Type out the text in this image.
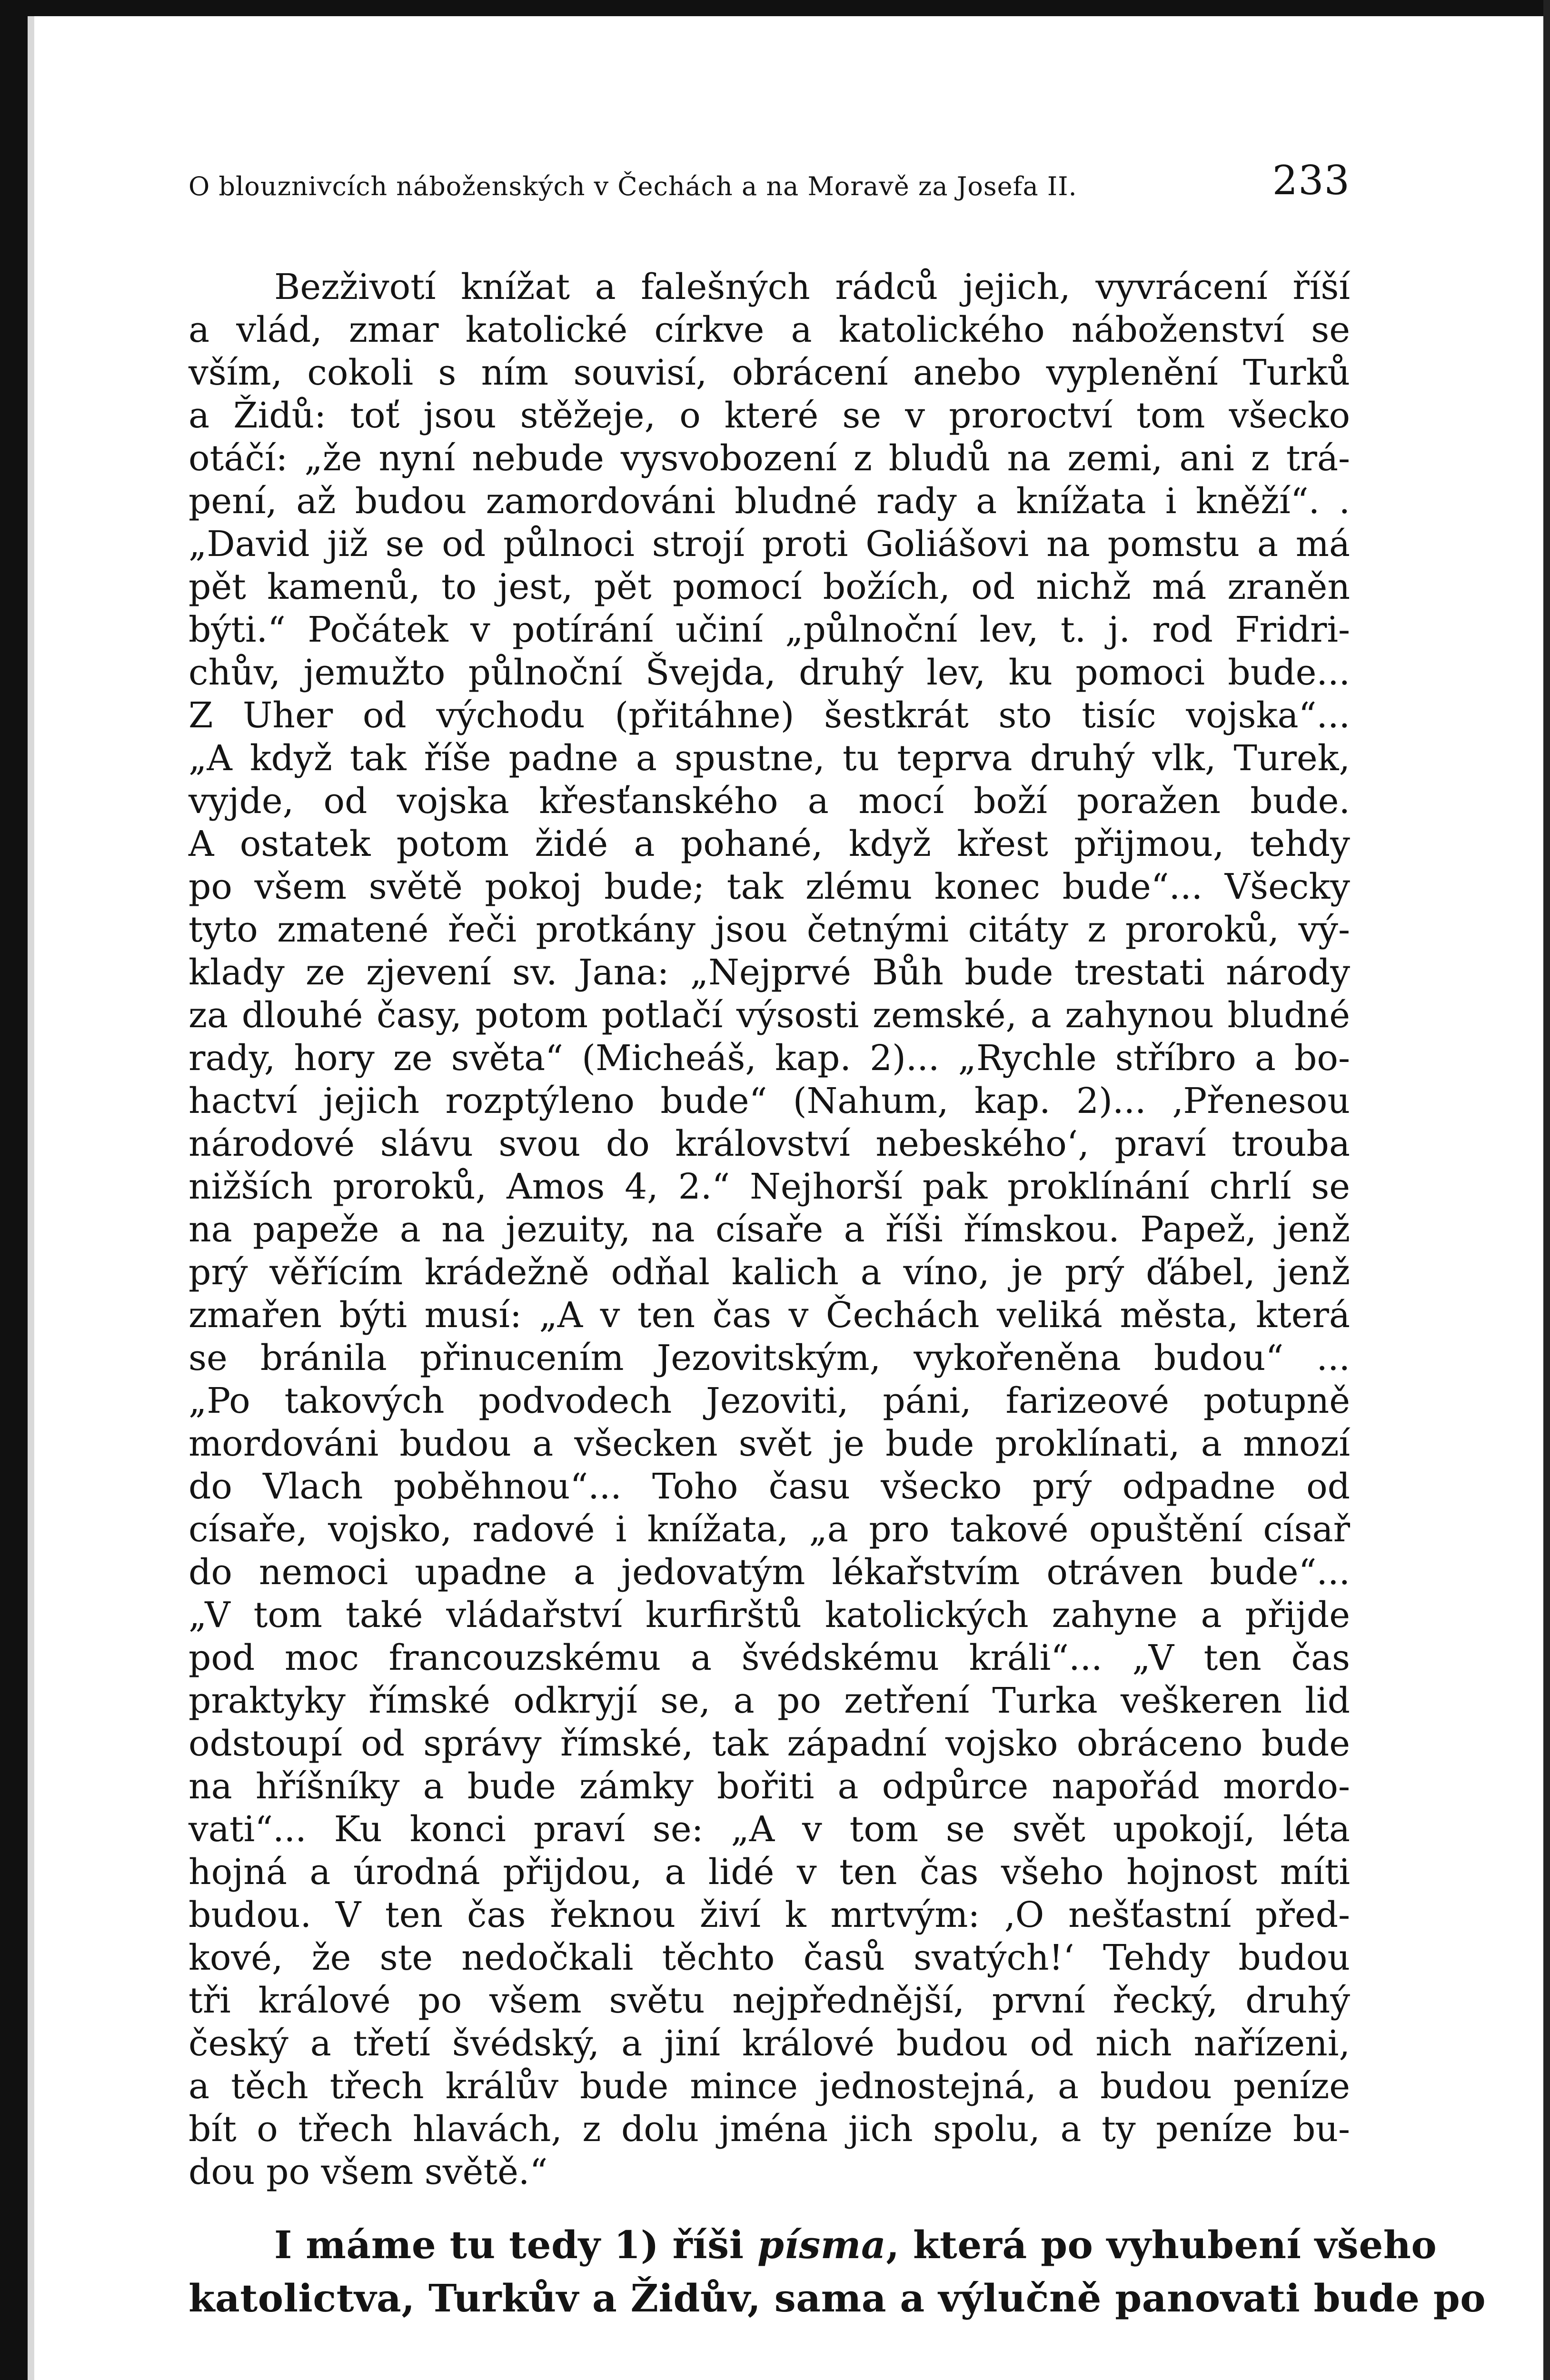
O blouznivcích náboženských v Čechách a na Moravě za Josefa II.	233
Bezživotí knížat a falešných rádců jejich, vyvrácení říší
a vlád, zmar katolické církve a katolického náboženství se
vším, cokoli s ním souvisí, obrácení anebo vyplenění Turků
a Židů: toť jsou stěžeje, o které se v proroctví tom všecko
otáčí: „že nyní nebude vysvobození z bludů na zemi, ani z trá-
pení, až budou zamordováni bludné rady a knížata i kněží“. .
„David již se od půlnoci strojí proti Goliášovi na pomstu a má
pět kamenů, to jest, pět pomocí božích, od nichž má zraněn
býti.“ Počátek v potírání učiní „půlnoční lev, t. j. rod Fridri-
chův, jemužto půlnoční Švejda, druhý lev, ku pomoci bude...
Z Uher od východu (přitáhne) šestkrát sto tisíc vojska“...
„A když tak říše padne a spustne, tu teprva druhý vlk, Turek,
vyjde, od vojska křesťanského a mocí boží poražen bude.
A ostatek potom židé a pohané, když křest přijmou, tehdy
po všem světě pokoj bude; tak zlému konec bude“... Všecky
tyto zmatené řeči protkány jsou četnými citáty z proroků, vý-
klady ze zjevení sv. Jana: „Nejprvé Bůh bude trestati národy
za dlouhé časy, potom potlačí výsosti zemské, a zahynou bludné
rady, hory ze světa“ (Micheáš, kap. 2)... „Rychle stříbro a bo-
hactví jejich rozptýleno bude“ (Nahum, kap. 2)... ‚Přenesou
národové slávu svou do království nebeského‘, praví trouba
nižších proroků, Amos 4, 2.“ Nejhorší pak proklínání chrlí se
na papeže a na jezuity, na císaře a říši římskou. Papež, jenž
prý věřícím krádežně odňal kalich a víno, je prý ďábel, jenž
zmařen býti musí: „A v ten čas v Čechách veliká města, která
se bránila přinucením Jezovitským, vykořeněna budou“ ...
„Po takových podvodech Jezoviti, páni, farizeové potupně
mordováni budou a všecken svět je bude proklínati, a mnozí
do Vlach poběhnou“... Toho času všecko prý odpadne od
císaře, vojsko, radové i knížata, „a pro takové opuštění císař
do nemoci upadne a jedovatým lékařstvím otráven bude“...
„V tom také vládařství kurfirštů katolických zahyne a přijde
pod moc francouzskému a švédskému králi“... „V ten čas
praktyky římské odkryjí se, a po zetření Turka veškeren lid
odstoupí od správy římské, tak západní vojsko obráceno bude
na hříšníky a bude zámky bořiti a odpůrce napořád mordo-
vati“... Ku konci praví se: „A v tom se svět upokojí, léta
hojná a úrodná přijdou, a lidé v ten čas všeho hojnost míti
budou. V ten čas řeknou živí k mrtvým: ‚O nešťastní před-
kové, že ste nedočkali těchto časů svatých!‘ Tehdy budou
tři králové po všem světu nejpřednější, první řecký, druhý
český a třetí švédský, a jiní králové budou od nich nařízeni,
a těch třech králův bude mince jednostejná, a budou peníze
bít o třech hlavách, z dolu jména jich spolu, a ty peníze bu-
dou po všem světě.“
I máme tu tedy 1) říši písma, která po vyhubení všeho
katolictva, Turkův a Židův, sama a výlučně panovati bude po
